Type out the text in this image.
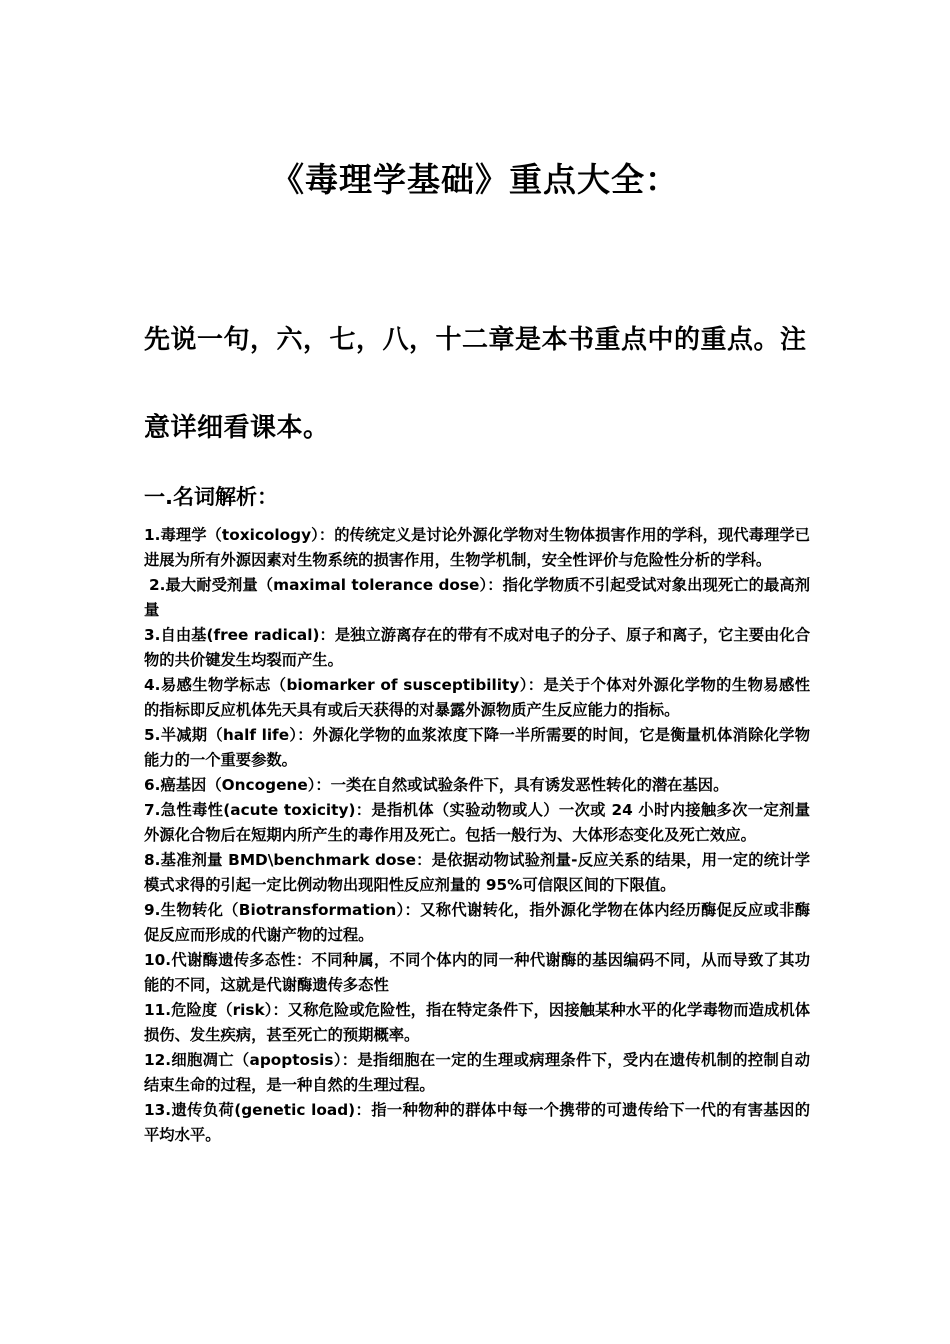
《毒理学基础》重点大全：

先说一句，六，七，八，十二章是本书重点中的重点。注意详细看课本。

一.名词解析：
1.毒理学（toxicology）：的传统定义是讨论外源化学物对生物体损害作用的学科，现代毒理学已进展为所有外源因素对生物系统的损害作用，生物学机制，安全性评价与危险性分析的学科。
2.最大耐受剂量（maximal tolerance dose）：指化学物质不引起受试对象出现死亡的最高剂量
3.自由基(free radical)：是独立游离存在的带有不成对电子的分子、原子和离子，它主要由化合物的共价键发生均裂而产生。
4.易感生物学标志（biomarker of susceptibility）：是关于个体对外源化学物的生物易感性的指标即反应机体先天具有或后天获得的对暴露外源物质产生反应能力的指标。
5.半减期（half life）：外源化学物的血浆浓度下降一半所需要的时间，它是衡量机体消除化学物能力的一个重要参数。
6.癌基因（Oncogene）：一类在自然或试验条件下，具有诱发恶性转化的潜在基因。
7.急性毒性(acute toxicity)：是指机体（实验动物或人）一次或 24 小时内接触多次一定剂量外源化合物后在短期内所产生的毒作用及死亡。包括一般行为、大体形态变化及死亡效应。
8.基准剂量 BMD\benchmark dose：是依据动物试验剂量-反应关系的结果，用一定的统计学模式求得的引起一定比例动物出现阳性反应剂量的 95%可信限区间的下限值。
9.生物转化（Biotransformation）：又称代谢转化，指外源化学物在体内经历酶促反应或非酶促反应而形成的代谢产物的过程。
10.代谢酶遗传多态性：不同种属，不同个体内的同一种代谢酶的基因编码不同，从而导致了其功能的不同，这就是代谢酶遗传多态性
11.危险度（risk）：又称危险或危险性，指在特定条件下，因接触某种水平的化学毒物而造成机体损伤、发生疾病，甚至死亡的预期概率。
12.细胞凋亡（apoptosis）：是指细胞在一定的生理或病理条件下，受内在遗传机制的控制自动结束生命的过程，是一种自然的生理过程。
13.遗传负荷(genetic load)：指一种物种的群体中每一个携带的可遗传给下一代的有害基因的平均水平。
